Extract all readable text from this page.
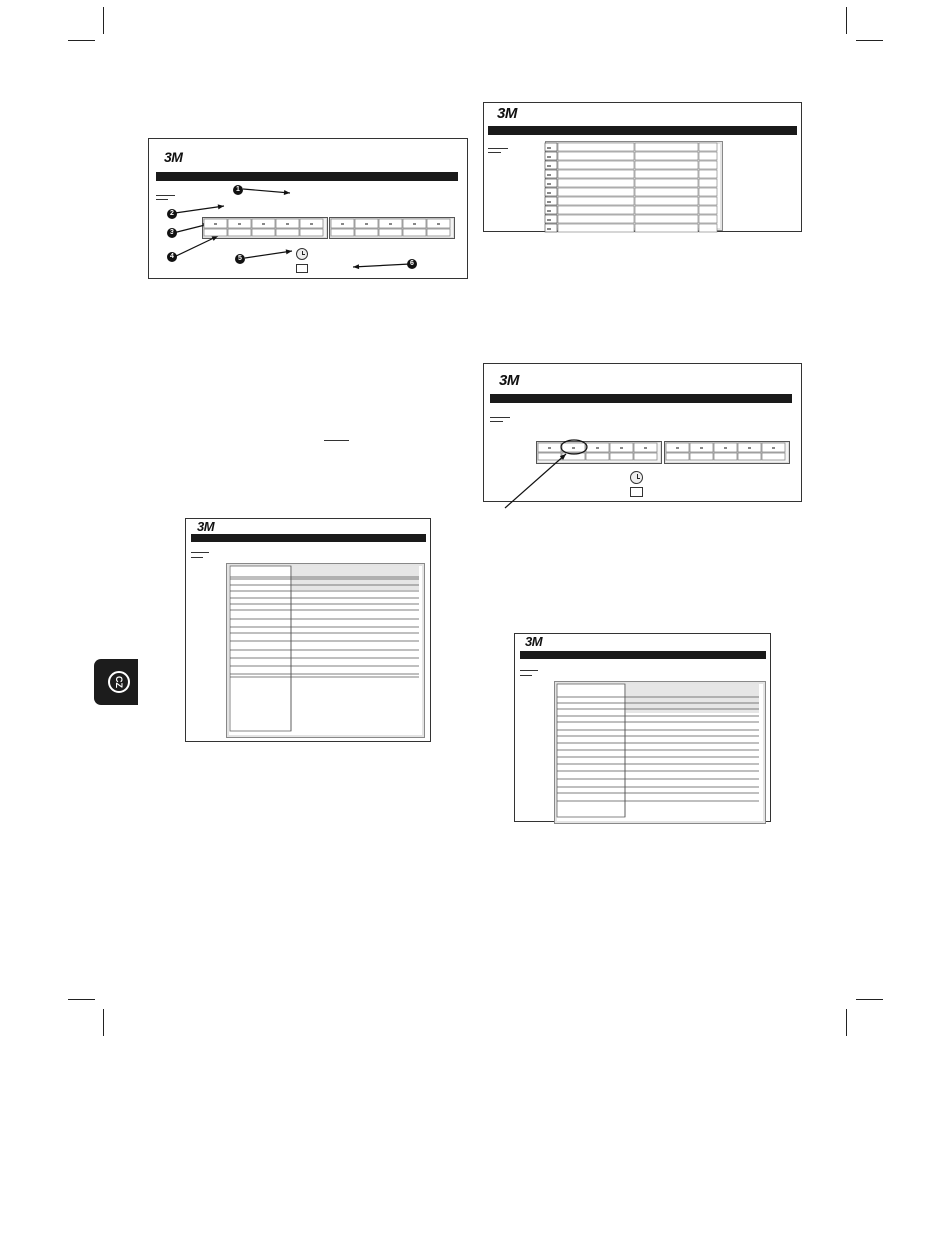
3M
1
2
3
4	5
6
3M
3M
3M
3M
CZ
